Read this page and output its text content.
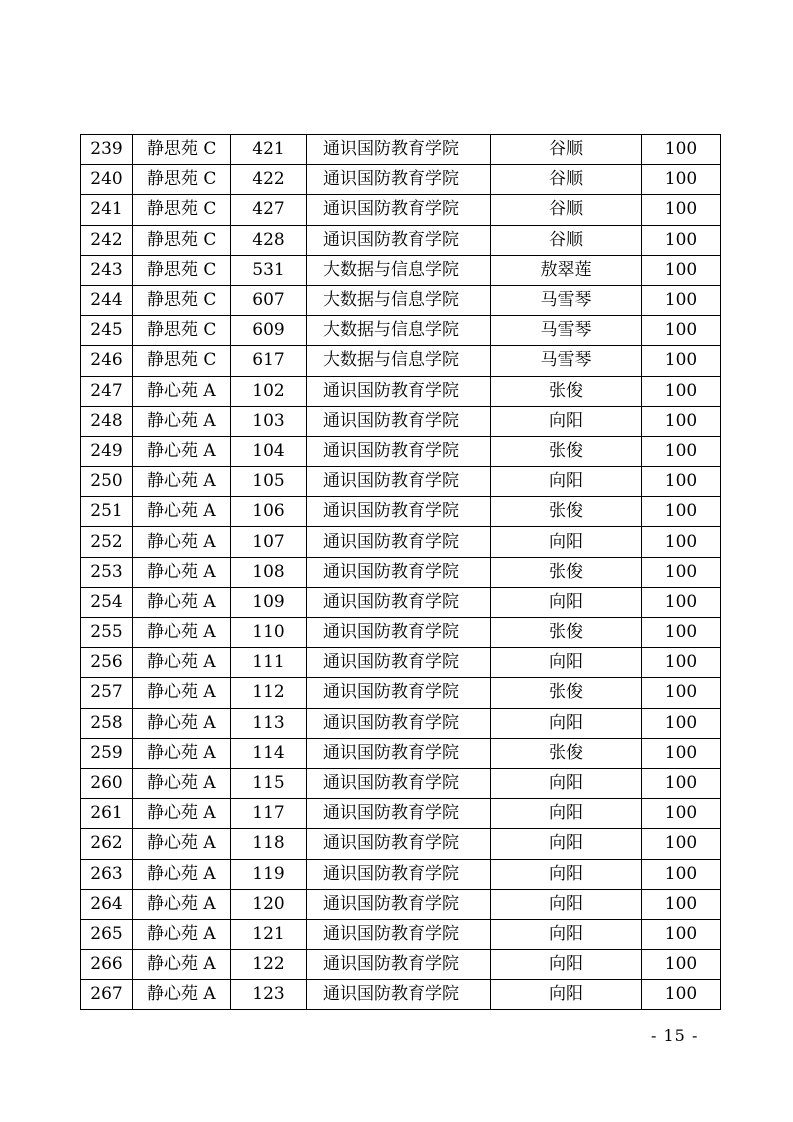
239	静思苑 C	421	通识国防教育学院	谷顺	100
240	静思苑 C	422	通识国防教育学院	谷顺	100
241	静思苑 C	427	通识国防教育学院	谷顺	100
242	静思苑 C	428	通识国防教育学院	谷顺	100
243	静思苑 C	531	大数据与信息学院	敖翠莲	100
244	静思苑 C	607	大数据与信息学院	马雪琴	100
245	静思苑 C	609	大数据与信息学院	马雪琴	100
246	静思苑 C	617	大数据与信息学院	马雪琴	100
247	静心苑 A	102	通识国防教育学院	张俊	100
248	静心苑 A	103	通识国防教育学院	向阳	100
249	静心苑 A	104	通识国防教育学院	张俊	100
250	静心苑 A	105	通识国防教育学院	向阳	100
251	静心苑 A	106	通识国防教育学院	张俊	100
252	静心苑 A	107	通识国防教育学院	向阳	100
253	静心苑 A	108	通识国防教育学院	张俊	100
254	静心苑 A	109	通识国防教育学院	向阳	100
255	静心苑 A	110	通识国防教育学院	张俊	100
256	静心苑 A	111	通识国防教育学院	向阳	100
257	静心苑 A	112	通识国防教育学院	张俊	100
258	静心苑 A	113	通识国防教育学院	向阳	100
259	静心苑 A	114	通识国防教育学院	张俊	100
260	静心苑 A	115	通识国防教育学院	向阳	100
261	静心苑 A	117	通识国防教育学院	向阳	100
262	静心苑 A	118	通识国防教育学院	向阳	100
263	静心苑 A	119	通识国防教育学院	向阳	100
264	静心苑 A	120	通识国防教育学院	向阳	100
265	静心苑 A	121	通识国防教育学院	向阳	100
266	静心苑 A	122	通识国防教育学院	向阳	100
267	静心苑 A	123	通识国防教育学院	向阳	100
- 15 -
